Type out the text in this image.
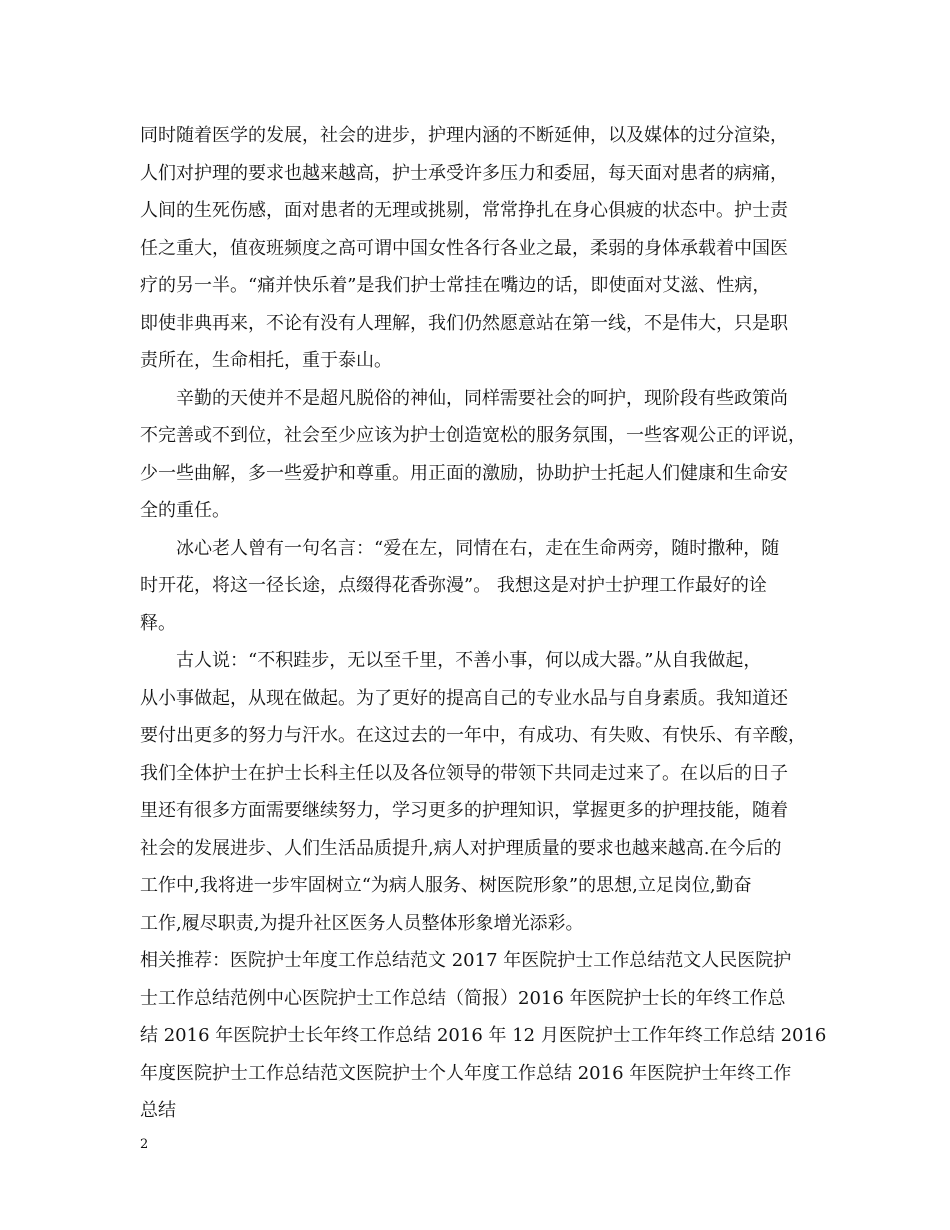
同时随着医学的发展，社会的进步，护理内涵的不断延伸，以及媒体的过分渲染，
人们对护理的要求也越来越高，护士承受许多压力和委屈，每天面对患者的病痛，
人间的生死伤感，面对患者的无理或挑剔，常常挣扎在身心俱疲的状态中。护士责
任之重大，值夜班频度之高可谓中国女性各行各业之最，柔弱的身体承载着中国医
疗的另一半。“痛并快乐着”是我们护士常挂在嘴边的话，即使面对艾滋、性病，
即使非典再来，不论有没有人理解，我们仍然愿意站在第一线，不是伟大，只是职
责所在，生命相托，重于泰山。
辛勤的天使并不是超凡脱俗的神仙，同样需要社会的呵护，现阶段有些政策尚
不完善或不到位，社会至少应该为护士创造宽松的服务氛围，一些客观公正的评说，
少一些曲解，多一些爱护和尊重。用正面的激励，协助护士托起人们健康和生命安
全的重任。
冰心老人曾有一句名言：“爱在左，同情在右，走在生命两旁，随时撒种，随
时开花，将这一径长途，点缀得花香弥漫”。 我想这是对护士护理工作最好的诠
释。
古人说：“不积跬步，无以至千里，不善小事，何以成大器。”从自我做起，
从小事做起，从现在做起。为了更好的提高自己的专业水品与自身素质。我知道还
要付出更多的努力与汗水。在这过去的一年中，有成功、有失败、有快乐、有辛酸，
我们全体护士在护士长科主任以及各位领导的带领下共同走过来了。在以后的日子
里还有很多方面需要继续努力，学习更多的护理知识，掌握更多的护理技能，随着
社会的发展进步、人们生活品质提升,病人对护理质量的要求也越来越高.在今后的
工作中,我将进一步牢固树立“为病人服务、树医院形象”的思想,立足岗位,勤奋
工作,履尽职责,为提升社区医务人员整体形象增光添彩。
相关推荐：医院护士年度工作总结范文 2017 年医院护士工作总结范文人民医院护
士工作总结范例中心医院护士工作总结（简报）2016 年医院护士长的年终工作总
结 2016 年医院护士长年终工作总结 2016 年 12 月医院护士工作年终工作总结 2016
年度医院护士工作总结范文医院护士个人年度工作总结 2016 年医院护士年终工作
总结
2
